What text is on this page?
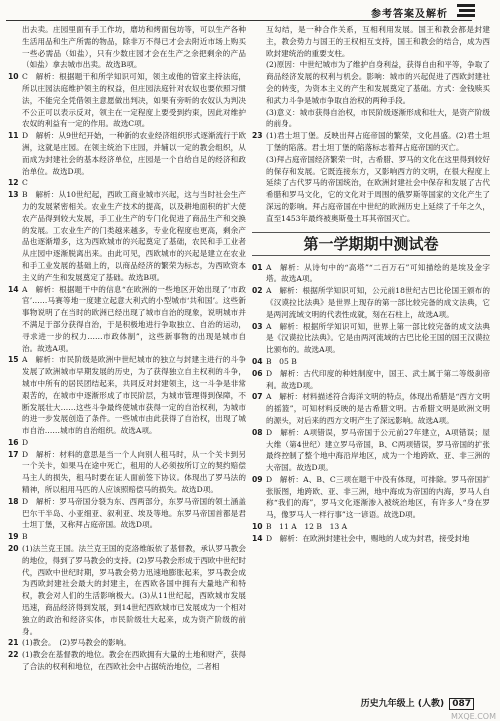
参考答案及解析

出去卖。庄园里面有手工作坊，磨坊和烤面包坊等，可以生产各种生活用品和生产所需的物品，除非万不得已才会去附近市场上购买一些必需品（如盐），只有少数庄园才会在生产之余把剩余的产品（如盐）拿去城市出卖。故选B项。

10 C　解析：根据题干和所学知识可知，领主或他的管家主持法庭，所以庄园法庭维护领主的权益，但庄园法庭针对农奴也要依照习惯法，不能完全凭借领主意愿做出判决，如果有旁听的农奴认为判决不公正可以表示反对，领主在一定程度上要受到约束，因此对维护农奴的利益有一定的作用。故选C项。

11 D　解析：从9世纪开始，一种新的农业经济组织形式逐渐流行于欧洲，这就是庄园。在领主统治下庄园，并辅以一定的教会组织，从而成为封建社会的基本经济单位，庄园是一个自给自足的经济和政治单位。故选D项。

12 C

13 B　解析：从10世纪起，西欧工商业城市兴起，这与当时社会生产力的发展紧密相关。农业生产技术的提高，以及耕地面积的扩大使农产品得到较大发展，手工业生产的专门化促进了商品生产和交换的发展。工农业生产的门类越来越多，专业化程度也更高，剩余产品也逐渐增多，这为西欧城市的兴起奠定了基础，农民和手工业者从庄园中逐渐脱离出来。由此可见，西欧城市的兴起是建立在农业和手工业发展的基础上的，以商品经济的繁荣为标志，为西欧资本主义的产生和发展奠定了基础。故选B项。

14 A　解析：根据题干中的信息“在欧洲的一些地区开始出现了‘市政官’……马赛等地一度建立起意大利式的小型城市‘共和国’。这些新事物说明了在当时的欧洲已经出现了城市自治的现象，说明城市并不满足于部分获得自治，于是积极地进行争取独立、自治的运动，寻求进一步的权力……市政体制”，这些新事物的出现是城市自治。故选A项。

15 A　解析：市民阶级是欧洲中世纪城市的独立与封建主进行的斗争发展了欧洲城市早期发展的历史，为了获得独立自主权利的斗争，城市中所有的居民团结起来，共同反对封建领主，这一斗争是非常艰苦的，在城市中逐渐形成了市民阶层，为城市管理得到保障，不断发展壮大……这些斗争最终使城市获得一定的自治权利，为城市的进一步发展创造了条件。一些城市由此获得了自治权，出现了城市自治……城市的自治组织。故选A项。

16 D

17 D　解析：材料的意思是当一个人向别人租马时，从一个关卡到另一个关卡，如果马在途中死亡，租用的人必须按所订立的契约赔偿马主人的损失，租马时要在证人面前签下协议。体现出了罗马法的精神，所以租用马匹的人应该照赔偿马的损失。故选D项。

18 D　解析：罗马帝国分裂为东、西两部分，东罗马帝国的领土涵盖巴尔干半岛、小亚细亚、叙利亚、埃及等地。东罗马帝国首都是君士坦丁堡，又称拜占庭帝国。故选D项。

19 B

20 (1)法兰克王国。法兰克王国的克洛维皈依了基督教，承认罗马教会的地位，得到了罗马教会的支持。(2)罗马教会形成于西欧中世纪时代，西欧中世纪时期，罗马教会势力迅速地膨胀起来，罗马教会成为西欧封建社会最大的封建主，在西欧各国中拥有大量地产和特权，教会对人们的生活影响极大。(3)从11世纪起，西欧城市发展迅速，商品经济得到发展，到14世纪西欧城市已发展成为一个相对独立的政治和经济实体，市民阶级壮大起来，成为资产阶级的前身。

21 (1)教会。　(2)罗马教会的影响。

22 (1)教会在基督教的地位。教会在西欧拥有大量的土地和财产，获得了合法的权利和地位，在西欧社会中占据统治地位，二者相

互勾结，是一种合作关系，互相利用发展。国王和教会都是封建主，教会势力与国王的王权相互支持，国王和教会的结合，成为西欧封建统治的重要支柱。

(2)原因：中世纪城市为了维护自身利益，获得自由和平等，争取了商品经济发展的权利与机会。影响：城市的兴起促进了西欧封建社会的转变，为资本主义的产生和发展奠定了基础。方式：金钱赎买和武力斗争是城市争取自治权的两种手段。

(3)意义：城市获得自治权，市民阶级逐渐形成和壮大，是资产阶级的前身。

23 (1)君士坦丁堡。反映出拜占庭帝国的繁荣，文化昌盛。(2)君士坦丁堡的陷落。君士坦丁堡的陷落标志着拜占庭帝国的灭亡。

(3)拜占庭帝国经济繁荣一时，古希腊、罗马的文化在这里得到较好的保存和发展。它既连接东方，又影响西方的文明，在很大程度上延续了古代罗马的帝国统治，在欧洲封建社会中保存和发展了古代希腊和罗马文化，它的文化对于周围的俄罗斯等国家的文化产生了深远的影响。拜占庭帝国在中世纪的欧洲历史上延续了千年之久，直至1453年最终被奥斯曼土耳其帝国灭亡。

第一学期期中测试卷
01 A　解析：从诗句中的“高塔”“二百万石”可知描绘的是埃及金字塔。故选A项。

02 A　解析：根据所学知识可知，公元前18世纪古巴比伦国王颁布的《汉谟拉比法典》是世界上现存的第一部比较完备的成文法典，它是两河流域文明的代表性成就，刻在石柱上，故选A项。

03 A　解析：根据所学知识可知，世界上第一部比较完备的成文法典是《汉谟拉比法典》。它是由两河流域的古巴比伦王国的国王汉谟拉比颁布的。故选A项。

04 B　05 B

06 D　解析：古代印度的种姓制度中，国王、武士属于第二等级刹帝利。故选D项。

07 A　解析：材料描述符合海洋文明的特点，体现出希腊是“西方文明的摇篮”，可知材料反映的是古希腊文明。古希腊文明是欧洲文明的源头，对后来的西方文明产生了深远影响。故选A项。

08 D　解析：A项错误，罗马帝国于公元前27年建立，A项错误；屋大维（第4世纪）建立罗马帝国，B、C两项错误，罗马帝国的扩张最终控制了整个地中海沿岸地区，成为一个地跨欧、亚、非三洲的大帝国。故选D项。

09 D　解析：A、B、C三项在题干中没有体现，可排除。罗马帝国扩张版图，地跨欧、亚、非三洲，地中海成为帝国的内海，罗马人自称“我们的海”，罗马文化逐渐渗入被统治地区，有许多人“身在罗马，像罗马人一样行事”这一谚语。故选D项。

10 B　11 A　12 B　13 A

14 D　解析：在欧洲封建社会中，赐地的人成为封君，接受封地

历史九年级上 (人教) 087
MXQE.COM
